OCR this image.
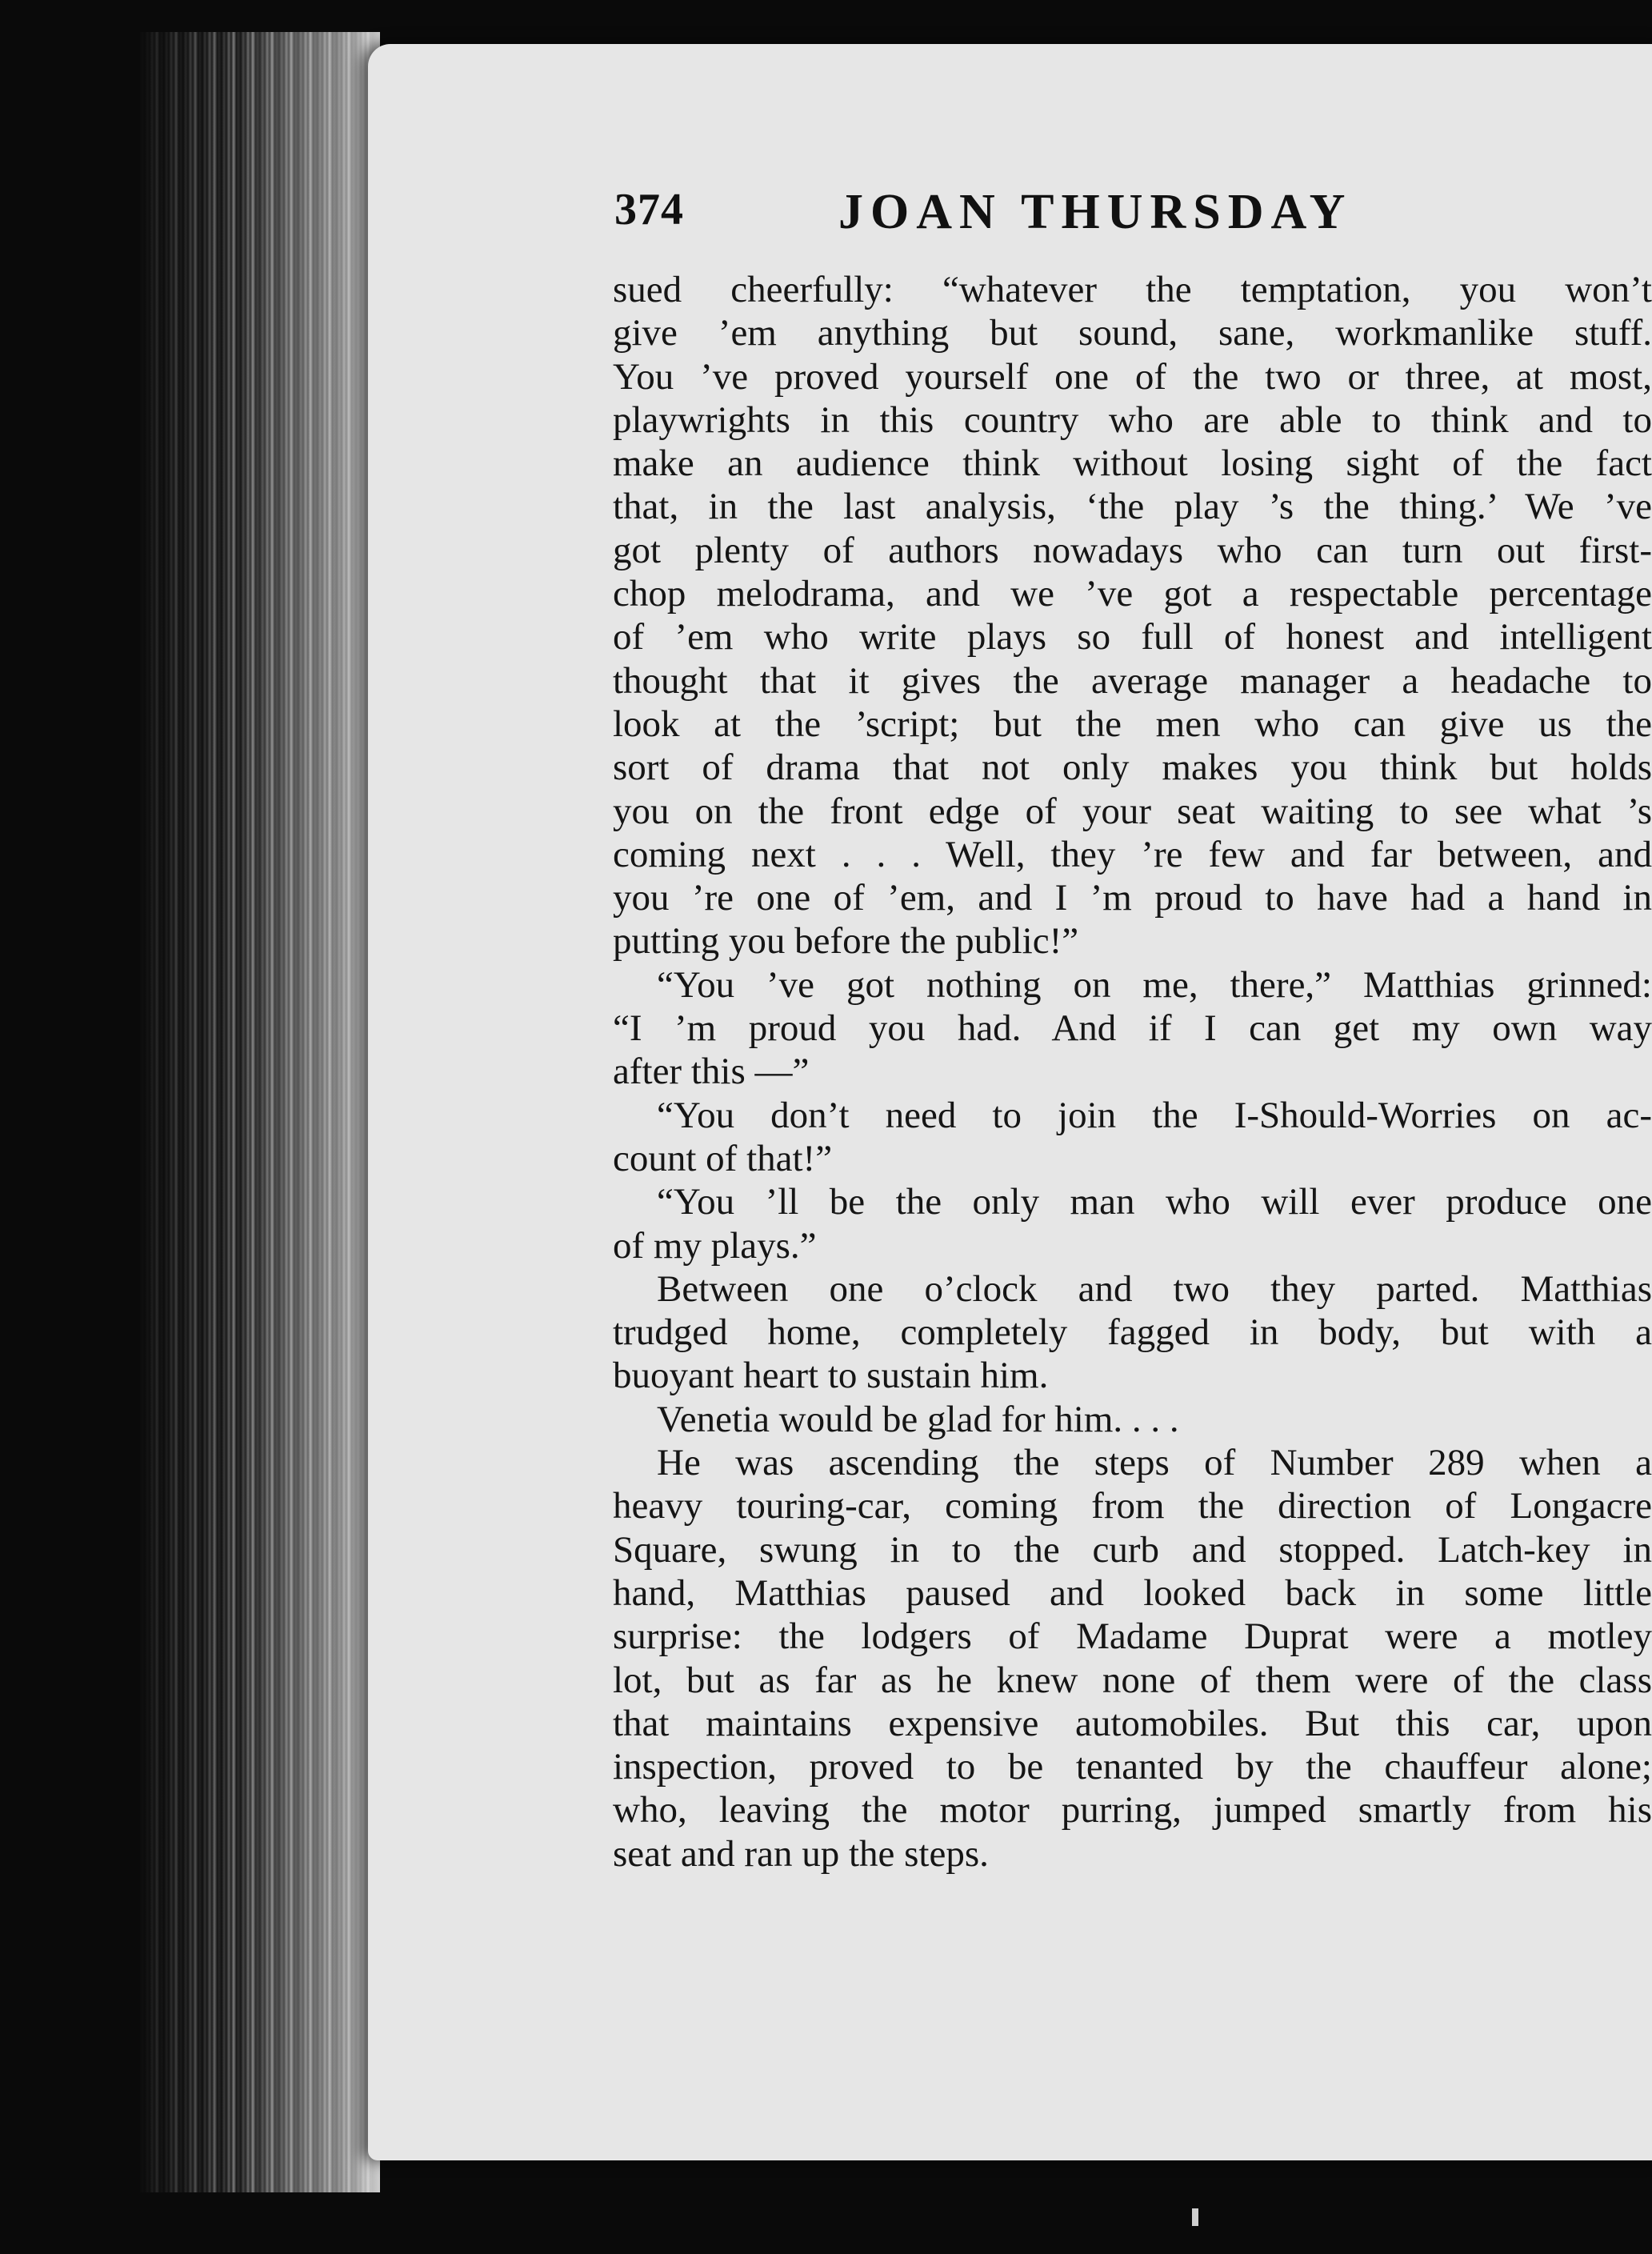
374	JOAN THURSDAY
sued cheerfully: “whatever the temptation, you won’t
give ’em anything but sound, sane, workmanlike stuff.
You ’ve proved yourself one of the two or three, at most,
playwrights in this country who are able to think and to
make an audience think without losing sight of the fact
that, in the last analysis, ‘the play ’s the thing.’ We ’ve
got plenty of authors nowadays who can turn out first-
chop melodrama, and we ’ve got a respectable percentage
of ’em who write plays so full of honest and intelligent
thought that it gives the average manager a headache to
look at the ’script; but the men who can give us the
sort of drama that not only makes you think but holds
you on the front edge of your seat waiting to see what ’s
coming next . . . Well, they ’re few and far between, and
you ’re one of ’em, and I ’m proud to have had a hand in
putting you before the public!”
“You ’ve got nothing on me, there,” Matthias grinned:
“I ’m proud you had. And if I can get my own way
after this —”
“You don’t need to join the I-Should-Worries on ac-
count of that!”
“You ’ll be the only man who will ever produce one
of my plays.”
Between one o’clock and two they parted. Matthias
trudged home, completely fagged in body, but with a
buoyant heart to sustain him.
Venetia would be glad for him. . . .
He was ascending the steps of Number 289 when a
heavy touring-car, coming from the direction of Longacre
Square, swung in to the curb and stopped. Latch-key in
hand, Matthias paused and looked back in some little
surprise: the lodgers of Madame Duprat were a motley
lot, but as far as he knew none of them were of the class
that maintains expensive automobiles. But this car, upon
inspection, proved to be tenanted by the chauffeur alone;
who, leaving the motor purring, jumped smartly from his
seat and ran up the steps.
